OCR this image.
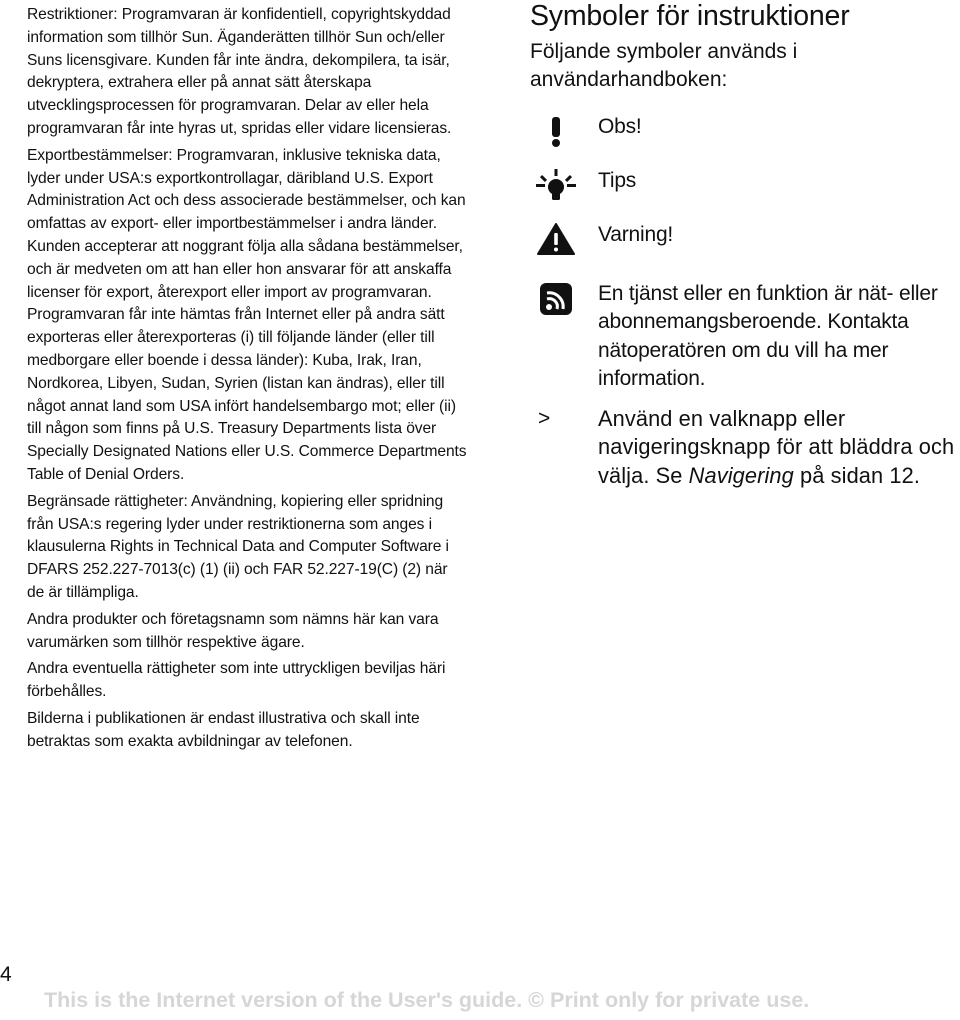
Restriktioner: Programvaran är konfidentiell, copyrightskyddad information som tillhör Sun. Äganderätten tillhör Sun och/eller Suns licensgivare. Kunden får inte ändra, dekompilera, ta isär, dekryptera, extrahera eller på annat sätt återskapa utvecklingsprocessen för programvaran. Delar av eller hela programvaran får inte hyras ut, spridas eller vidare licensieras.

Exportbestämmelser: Programvaran, inklusive tekniska data, lyder under USA:s exportkontrollagar, däribland U.S. Export Administration Act och dess associerade bestämmelser, och kan omfattas av export- eller importbestämmelser i andra länder. Kunden accepterar att noggrant följa alla sådana bestämmelser, och är medveten om att han eller hon ansvarar för att anskaffa licenser för export, återexport eller import av programvaran. Programvaran får inte hämtas från Internet eller på andra sätt exporteras eller återexporteras (i) till följande länder (eller till medborgare eller boende i dessa länder): Kuba, Irak, Iran, Nordkorea, Libyen, Sudan, Syrien (listan kan ändras), eller till något annat land som USA infört handelsembargo mot; eller (ii) till någon som finns på U.S. Treasury Departments lista över Specially Designated Nations eller U.S. Commerce Departments Table of Denial Orders.

Begränsade rättigheter: Användning, kopiering eller spridning från USA:s regering lyder under restriktionerna som anges i klausulerna Rights in Technical Data and Computer Software i DFARS 252.227-7013(c) (1) (ii) och FAR 52.227-19(C) (2) när de är tillämpliga.

Andra produkter och företagsnamn som nämns här kan vara varumärken som tillhör respektive ägare.

Andra eventuella rättigheter som inte uttryckligen beviljas häri förbehålles.

Bilderna i publikationen är endast illustrativa och skall inte betraktas som exakta avbildningar av telefonen.

Symboler för instruktioner

Följande symboler används i användarhandboken:

Obs!
Tips
Varning!
En tjänst eller en funktion är nät- eller abonnemangsberoende. Kontakta nätoperatören om du vill ha mer information.
> Använd en valknapp eller navigeringsknapp för att bläddra och välja. Se Navigering på sidan 12.
4
This is the Internet version of the User's guide. © Print only for private use.
